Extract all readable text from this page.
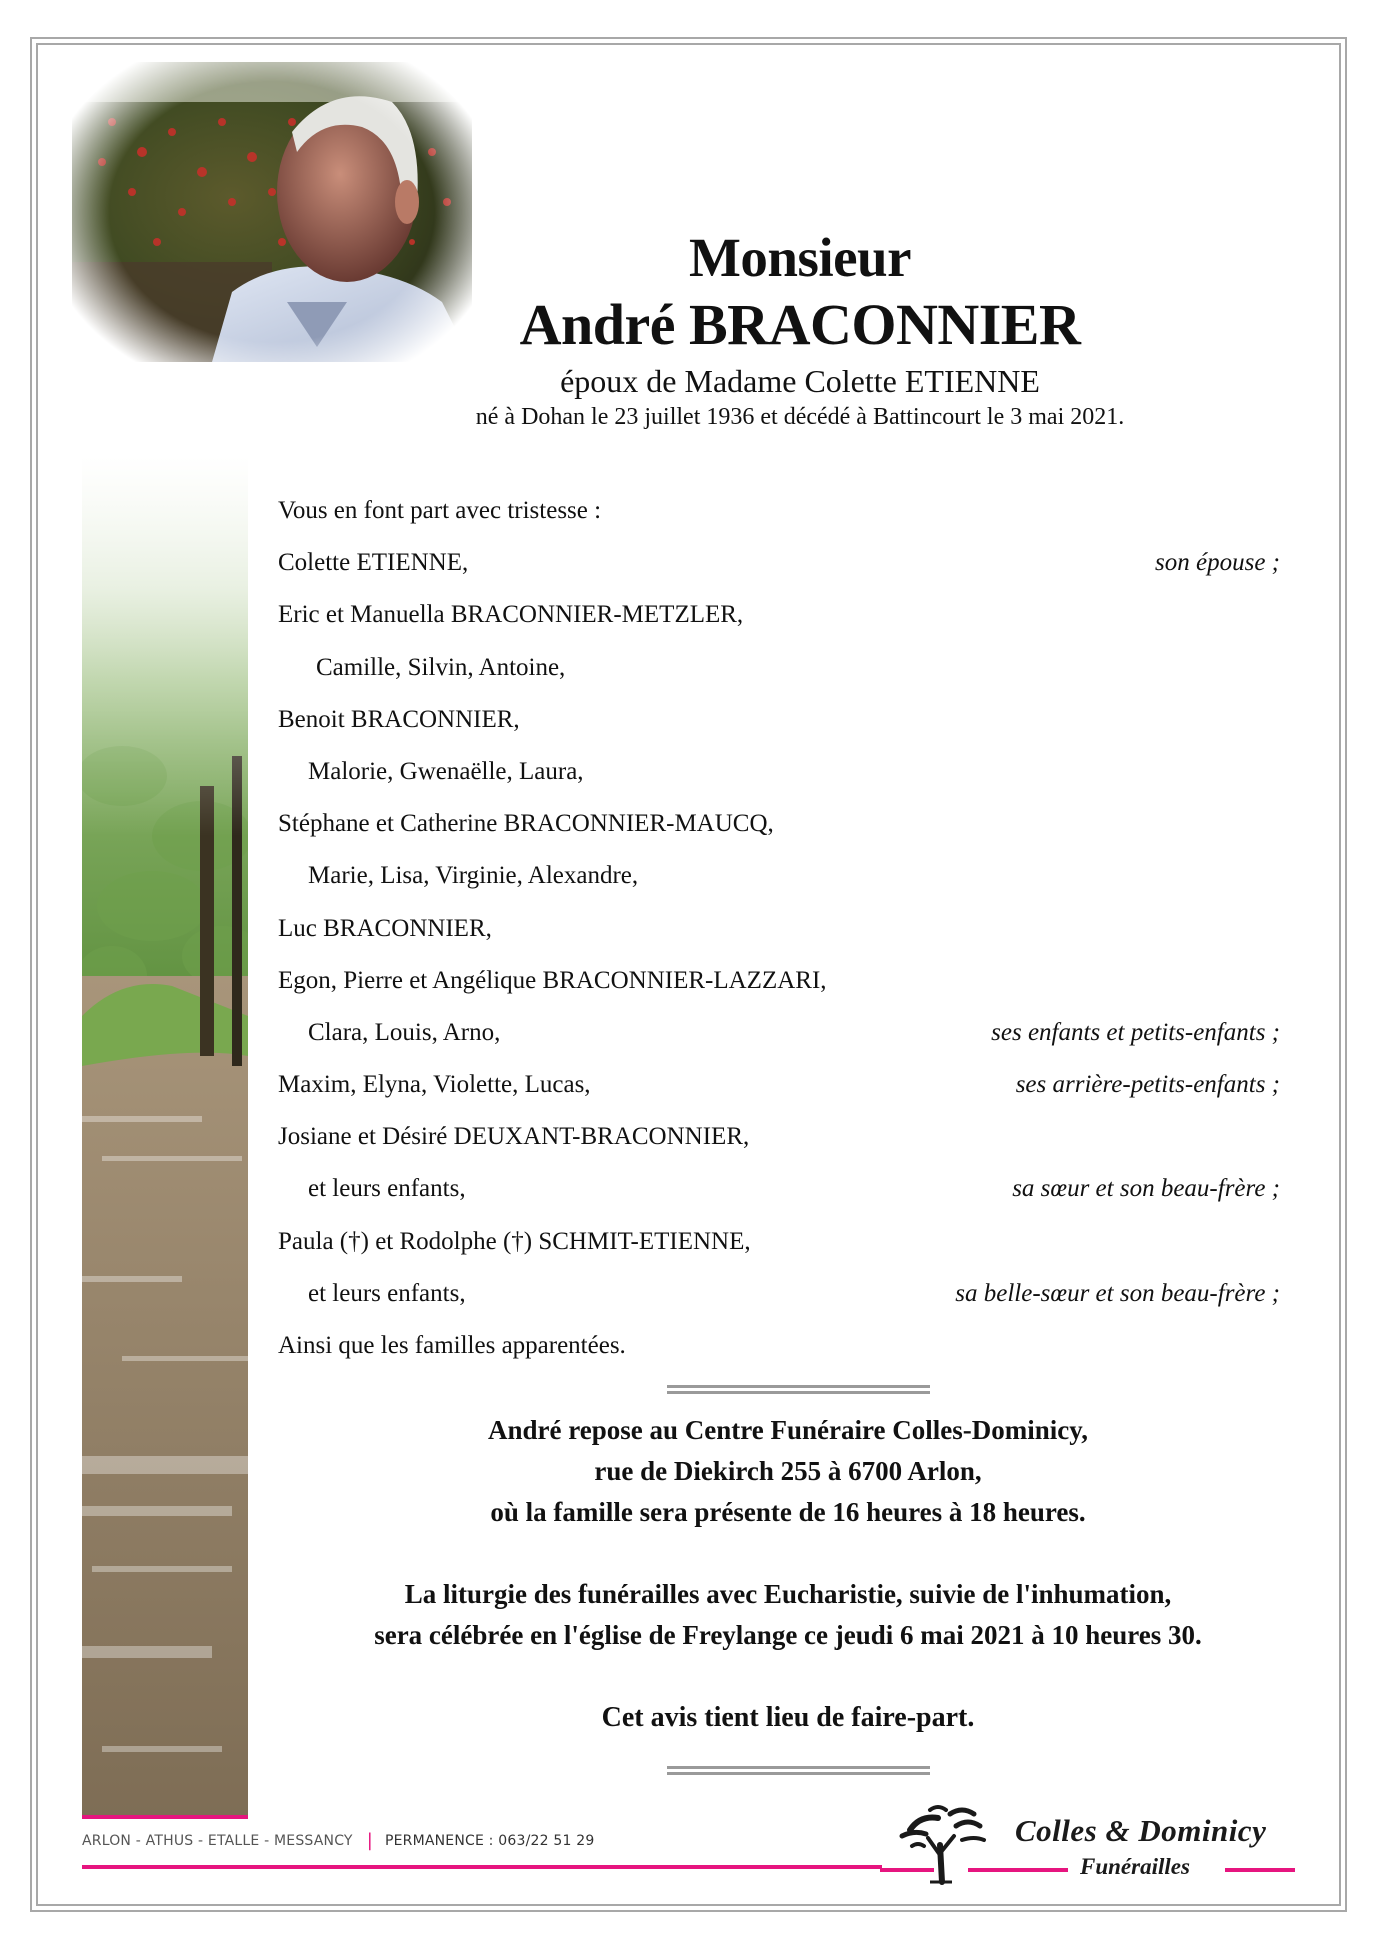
Monsieur
André BRACONNIER
époux de Madame Colette ETIENNE
né à Dohan le 23 juillet 1936 et décédé à Battincourt le 3 mai 2021.
Vous en font part avec tristesse :
Colette ETIENNE,	son épouse ;
Eric et Manuella BRACONNIER-METZLER,
Camille, Silvin, Antoine,
Benoit BRACONNIER,
Malorie, Gwenaëlle, Laura,
Stéphane et Catherine BRACONNIER-MAUCQ,
Marie, Lisa, Virginie, Alexandre,
Luc BRACONNIER,
Egon, Pierre et Angélique BRACONNIER-LAZZARI,
Clara, Louis, Arno,	ses enfants et petits-enfants ;
Maxim, Elyna, Violette, Lucas,	ses arrière-petits-enfants ;
Josiane et Désiré DEUXANT-BRACONNIER,
et leurs enfants,	sa sœur et son beau-frère ;
Paula (†) et Rodolphe (†) SCHMIT-ETIENNE,
et leurs enfants,	sa belle-sœur et son beau-frère ;
Ainsi que les familles apparentées.

André repose au Centre Funéraire Colles-Dominicy,

rue de Diekirch 255 à 6700 Arlon,

où la famille sera présente de 16 heures à 18 heures.

La liturgie des funérailles avec Eucharistie, suivie de l'inhumation,

sera célébrée en l'église de Freylange ce jeudi 6 mai 2021 à 10 heures 30.

Cet avis tient lieu de faire-part.

ARLON - ATHUS - ETALLE - MESSANCY | PERMANENCE : 063/22 51 29	Colles & Dominicy
Funérailles
